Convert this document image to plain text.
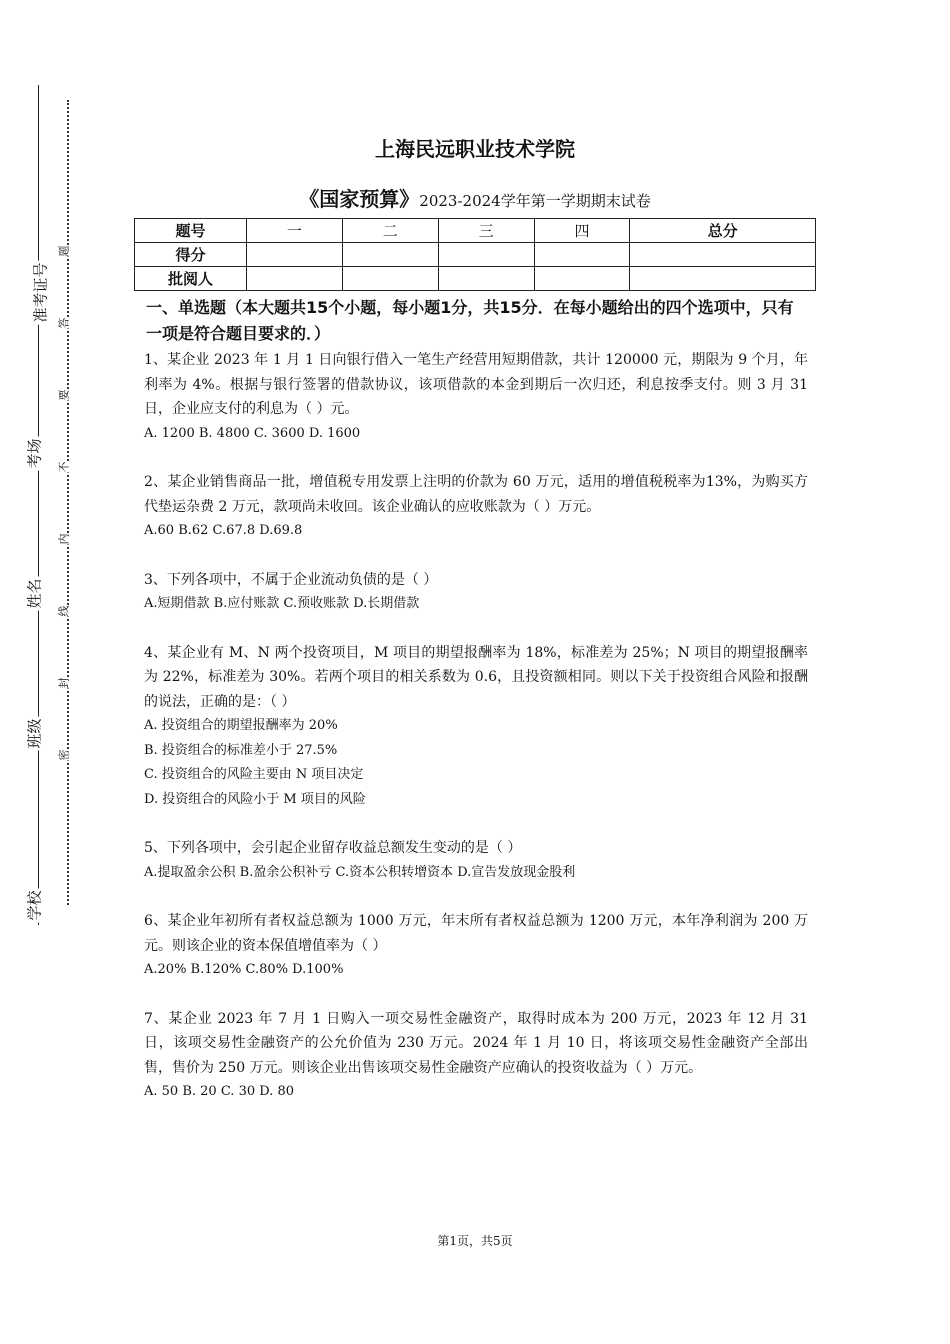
准考证号
考场
姓名
班级
学校
题
答
要
不
内
线
封
密
上海民远职业技术学院
《国家预算》2023-2024学年第一学期期末试卷
题号	一	二	三	四	总分
得分					
批阅人					
一、单选题（本大题共15个小题，每小题1分，共15分．在每小题给出的四个选项中，只有一项是符合题目要求的．）
1、某企业 2023 年 1 月 1 日向银行借入一笔生产经营用短期借款，共计 120000 元，期限为 9 个月，年利率为 4%。根据与银行签署的借款协议，该项借款的本金到期后一次归还，利息按季支付。则 3 月 31 日，企业应支付的利息为（ ）元。
A. 1200 B. 4800 C. 3600 D. 1600
2、某企业销售商品一批，增值税专用发票上注明的价款为 60 万元，适用的增值税税率为13%，为购买方代垫运杂费 2 万元，款项尚未收回。该企业确认的应收账款为（ ）万元。
A.60 B.62 C.67.8 D.69.8
3、下列各项中，不属于企业流动负债的是（ ）
A.短期借款 B.应付账款 C.预收账款 D.长期借款
4、某企业有 M、N 两个投资项目，M 项目的期望报酬率为 18%，标准差为 25%；N 项目的期望报酬率为 22%，标准差为 30%。若两个项目的相关系数为 0.6，且投资额相同。则以下关于投资组合风险和报酬的说法，正确的是：（ ）
A. 投资组合的期望报酬率为 20%
B. 投资组合的标准差小于 27.5%
C. 投资组合的风险主要由 N 项目决定
D. 投资组合的风险小于 M 项目的风险
5、下列各项中，会引起企业留存收益总额发生变动的是（ ）
A.提取盈余公积 B.盈余公积补亏 C.资本公积转增资本 D.宣告发放现金股利
6、某企业年初所有者权益总额为 1000 万元，年末所有者权益总额为 1200 万元，本年净利润为 200 万元。则该企业的资本保值增值率为（ ）
A.20% B.120% C.80% D.100%
7、某企业 2023 年 7 月 1 日购入一项交易性金融资产，取得时成本为 200 万元，2023 年 12 月 31 日，该项交易性金融资产的公允价值为 230 万元。2024 年 1 月 10 日，将该项交易性金融资产全部出售，售价为 250 万元。则该企业出售该项交易性金融资产应确认的投资收益为（ ）万元。
A. 50 B. 20 C. 30 D. 80
第1页，共5页
